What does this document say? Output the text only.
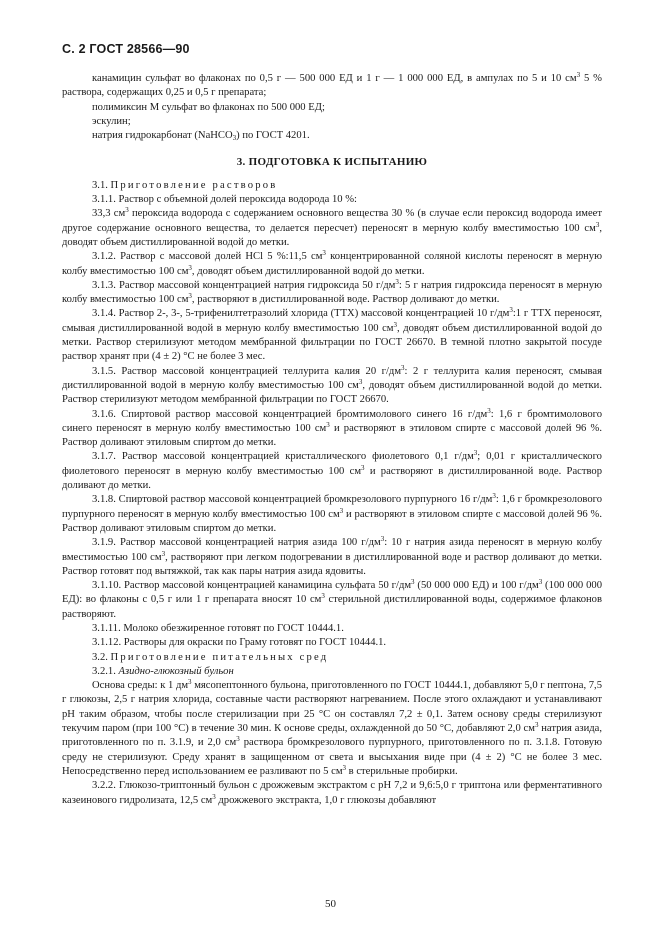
С. 2 ГОСТ 28566—90

канамицин сульфат во флаконах по 0,5 г — 500 000 ЕД и 1 г — 1 000 000 ЕД, в ампулах по 5 и 10 $см^3$ 5 % раствора, содержащих 0,25 и 0,5 г препарата;

полимиксин М сульфат во флаконах по 500 000 ЕД;

эскулин;

натрия гидрокарбонат (NaHCO$_3$) по ГОСТ 4201.

3. ПОДГОТОВКА К ИСПЫТАНИЮ

3.1. Приготовление растворов

3.1.1. Раствор с объемной долей пероксида водорода 10 %:

33,3 $см^3$ пероксида водорода с содержанием основного вещества 30 % (в случае если пероксид водорода имеет другое содержание основного вещества, то делается пересчет) переносят в мерную колбу вместимостью 100 $см^3$, доводят объем дистиллированной водой до метки.

3.1.2. Раствор с массовой долей HCl 5 %:11,5 $см^3$ концентрированной соляной кислоты переносят в мерную колбу вместимостью 100 $см^3$, доводят объем дистиллированной водой до метки.

3.1.3. Раствор массовой концентрацией натрия гидроксида 50 $г/дм^3$: 5 г натрия гидроксида переносят в мерную колбу вместимостью 100 $см^3$, растворяют в дистиллированной воде. Раствор доливают до метки.

3.1.4. Раствор 2-, 3-, 5-трифенилтетразолий хлорида (ТТХ) массовой концентрацией 10 $г/дм^3:1$ г ТТХ переносят, смывая дистиллированной водой в мерную колбу вместимостью 100 $см^3$, доводят объем дистиллированной водой до метки. Раствор стерилизуют методом мембранной фильтрации по ГОСТ 26670. В темной плотно закрытой посуде раствор хранят при (4 ± 2) °С не более 3 мес.

3.1.5. Раствор массовой концентрацией теллурита калия 20 $г/дм^3$: 2 г теллурита калия переносят, смывая дистиллированной водой в мерную колбу вместимостью 100 $см^3$, доводят объем дистиллированной водой до метки. Раствор стерилизуют методом мембранной фильтрации по ГОСТ 26670.

3.1.6. Спиртовой раствор массовой концентрацией бромтимолового синего 16 $г/дм^3$: 1,6 г бромтимолового синего переносят в мерную колбу вместимостью 100 $см^3$ и растворяют в этиловом спирте с массовой долей 96 %. Раствор доливают этиловым спиртом до метки.

3.1.7. Раствор массовой концентрацией кристаллического фиолетового 0,1 $г/дм^3$; 0,01 г кристаллического фиолетового переносят в мерную колбу вместимостью 100 $см^3$ и растворяют в дистиллированной воде. Раствор доливают до метки.

3.1.8. Спиртовой раствор массовой концентрацией бромкрезолового пурпурного 16 $г/дм^3$: 1,6 г бромкрезолового пурпурного переносят в мерную колбу вместимостью 100 $см^3$ и растворяют в этиловом спирте с массовой долей 96 %. Раствор доливают этиловым спиртом до метки.

3.1.9. Раствор массовой концентрацией натрия азида 100 $г/дм^3$: 10 г натрия азида переносят в мерную колбу вместимостью 100 $см^3$, растворяют при легком подогревании в дистиллированной воде и раствор доливают до метки. Раствор готовят под вытяжкой, так как пары натрия азида ядовиты.

3.1.10. Раствор массовой концентрацией канамицина сульфата 50 $г/дм^3$ (50 000 000 ЕД) и 100 $г/дм^3$ (100 000 000 ЕД): во флаконы с 0,5 г или 1 г препарата вносят 10 $см^3$ стерильной дистиллированной воды, содержимое флаконов растворяют.

3.1.11. Молоко обезжиренное готовят по ГОСТ 10444.1.

3.1.12. Растворы для окраски по Граму готовят по ГОСТ 10444.1.

3.2. Приготовление питательных сред

3.2.1. Азидно-глюкозный бульон

Основа среды: к 1 $дм^3$ мясопептонного бульона, приготовленного по ГОСТ 10444.1, добавляют 5,0 г пептона, 7,5 г глюкозы, 2,5 г натрия хлорида, составные части растворяют нагреванием. После этого охлаждают и устанавливают рН таким образом, чтобы после стерилизации при 25 °С он составлял 7,2 ± 0,1. Затем основу среды стерилизуют текучим паром (при 100 °С) в течение 30 мин. К основе среды, охлажденной до 50 °С, добавляют 2,0 $см^3$ натрия азида, приготовленного по п. 3.1.9, и 2,0 $см^3$ раствора бромкрезолового пурпурного, приготовленного по п. 3.1.8. Готовую среду не стерилизуют. Среду хранят в защищенном от света и высыхания виде при (4 ± 2) °С не более 3 мес. Непосредственно перед использованием ее разливают по 5 $см^3$ в стерильные пробирки.

3.2.2. Глюкозо-триптонный бульон с дрожжевым экстрактом с рН 7,2 и 9,6:5,0 г триптона или ферментативного казеинового гидролизата, 12,5 $см^3$ дрожжевого экстракта, 1,0 г глюкозы добавляют

50
